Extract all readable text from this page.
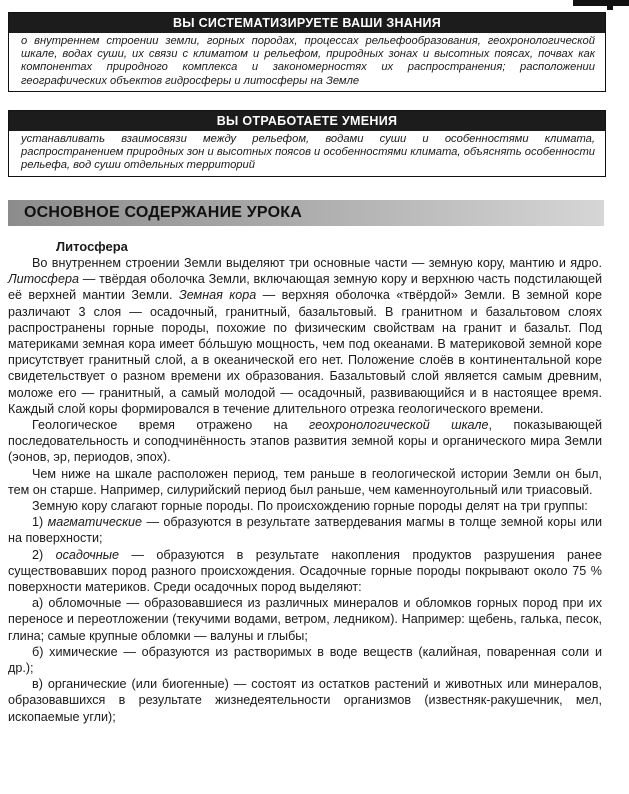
ВЫ СИСТЕМАТИЗИРУЕТЕ ВАШИ ЗНАНИЯ
о внутреннем строении земли, горных породах, процессах рельефообразования, геохронологической шкале, водах суши, их связи с климатом и рельефом, природных зонах и высотных поясах, почвах как компонентах природного комплекса и закономерностях их распространения; расположении географических объектов гидросферы и литосферы на Земле
ВЫ ОТРАБОТАЕТЕ УМЕНИЯ
устанавливать взаимосвязи между рельефом, водами суши и особенностями климата, распространением природных зон и высотных поясов и особенностями климата, объяснять особенности рельефа, вод суши отдельных территорий
ОСНОВНОЕ СОДЕРЖАНИЕ УРОКА

Литосфера

Во внутреннем строении Земли выделяют три основные части — земную кору, мантию и ядро. Литосфера — твёрдая оболочка Земли, включающая земную кору и верхнюю часть подстилающей её верхней мантии Земли. Земная кора — верхняя оболочка «твёрдой» Земли. В земной коре различают 3 слоя — осадочный, гранитный, базальтовый. В гранитном и базальтовом слоях распространены горные породы, похожие по физическим свойствам на гранит и базальт. Под материками земная кора имеет бóльшую мощность, чем под океанами. В материковой земной коре присутствует гранитный слой, а в океанической его нет. Положение слоёв в континентальной коре свидетельствует о разном времени их образования. Базальтовый слой является самым древним, моложе его — гранитный, а самый молодой — осадочный, развивающийся и в настоящее время. Каждый слой коры формировался в течение длительного отрезка геологического времени.

Геологическое время отражено на геохронологической шкале, показывающей последовательность и соподчинённость этапов развития земной коры и органического мира Земли (эонов, эр, периодов, эпох).

Чем ниже на шкале расположен период, тем раньше в геологической истории Земли он был, тем он старше. Например, силурийский период был раньше, чем каменноугольный или триасовый.

Земную кору слагают горные породы. По происхождению горные породы делят на три группы:

1) магматические — образуются в результате затвердевания магмы в толще земной коры или на поверхности;

2) осадочные — образуются в результате накопления продуктов разрушения ранее существовавших пород разного происхождения. Осадочные горные породы покрывают около 75 % поверхности материков. Среди осадочных пород выделяют:

а) обломочные — образовавшиеся из различных минералов и обломков горных пород при их переносе и переотложении (текучими водами, ветром, ледником). Например: щебень, галька, песок, глина; самые крупные обломки — валуны и глыбы;

б) химические — образуются из растворимых в воде веществ (калийная, поваренная соли и др.);

в) органические (или биогенные) — состоят из остатков растений и животных или минералов, образовавшихся в результате жизнедеятельности организмов (известняк-ракушечник, мел, ископаемые угли);
